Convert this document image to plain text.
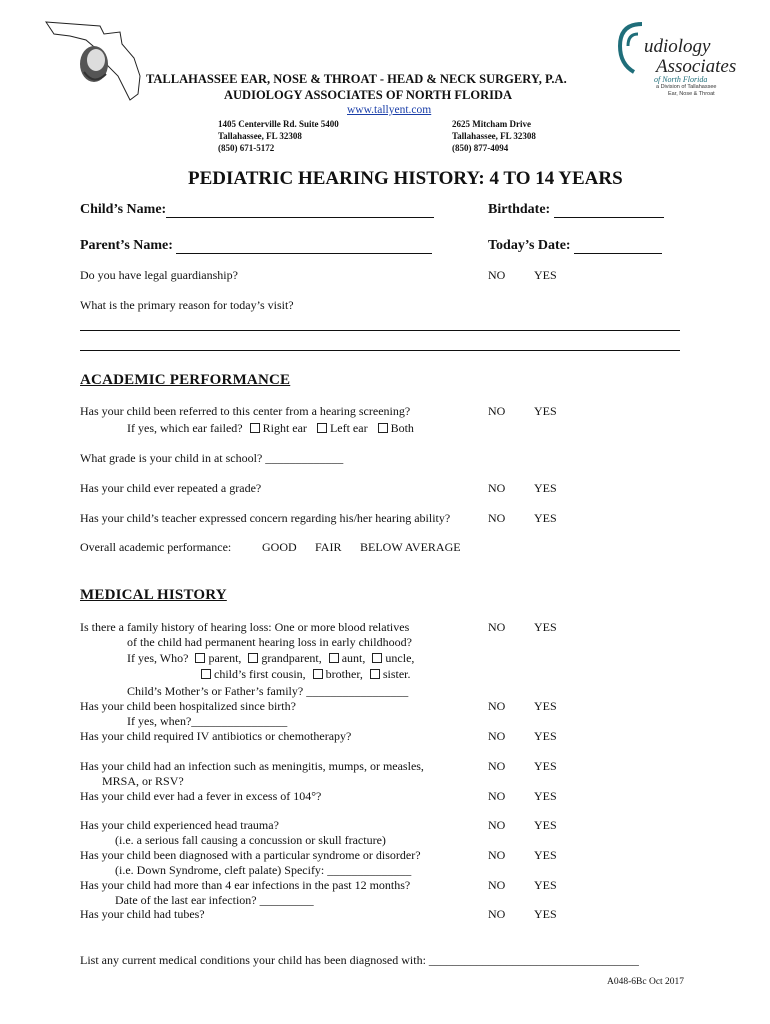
udiology
Associates
of North Florida
a Division of Tallahassee
Ear, Nose & Throat
TALLAHASSEE EAR, NOSE & THROAT - HEAD & NECK SURGERY, P.A.
AUDIOLOGY ASSOCIATES OF NORTH FLORIDA
www.tallyent.com
1405 Centerville Rd. Suite 5400
Tallahassee, FL 32308
(850) 671-5172
2625 Mitcham Drive
Tallahassee, FL 32308
(850) 877-4094
PEDIATRIC HEARING HISTORY: 4 TO 14 YEARS
Child’s Name:	Birthdate:
Parent’s Name:	Today’s Date:
Do you have legal guardianship?	NO YES
What is the primary reason for today’s visit?
ACADEMIC PERFORMANCE
Has your child been referred to this center from a hearing screening?	NO YES
If yes, which ear failed? Right ear Left ear Both
What grade is your child in at school? _____________
Has your child ever repeated a grade?	NO YES
Has your child’s teacher expressed concern regarding his/her hearing ability?	NO YES
Overall academic performance:	GOOD FAIR BELOW AVERAGE
MEDICAL HISTORY
Is there a family history of hearing loss: One or more blood relatives	NO YES
of the child had permanent hearing loss in early childhood?
If yes, Who? parent, grandparent, aunt, uncle,
child’s first cousin, brother, sister.
Child’s Mother’s or Father’s family? _________________
Has your child been hospitalized since birth?	NO YES
If yes, when?________________
Has your child required IV antibiotics or chemotherapy?	NO YES
Has your child had an infection such as meningitis, mumps, or measles,	NO YES
MRSA, or RSV?
Has your child ever had a fever in excess of 104°?	NO YES
Has your child experienced head trauma?	NO YES
(i.e. a serious fall causing a concussion or skull fracture)
Has your child been diagnosed with a particular syndrome or disorder?	NO YES
(i.e. Down Syndrome, cleft palate) Specify: ______________
Has your child had more than 4 ear infections in the past 12 months?	NO YES
Date of the last ear infection? _________
Has your child had tubes?	NO YES
List any current medical conditions your child has been diagnosed with: ___________________________________
A048-6Bc Oct 2017
